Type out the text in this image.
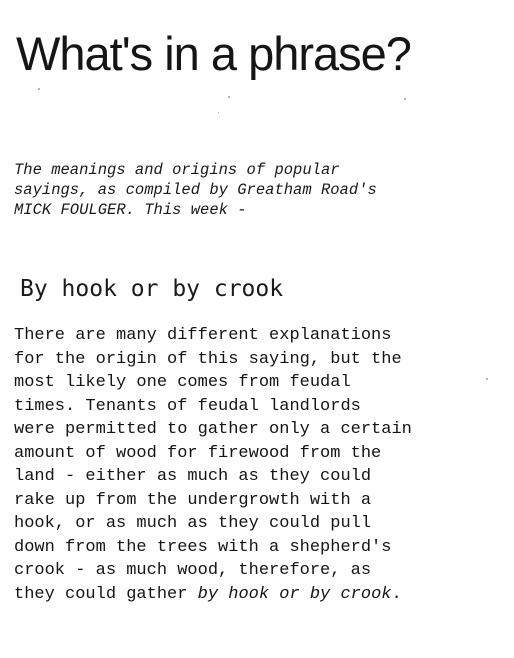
What's in a phrase?
The meanings and origins of popular
sayings, as compiled by Greatham Road's
MICK FOULGER. This week -
By hook or by crook
There are many different explanations
for the origin of this saying, but the
most likely one comes from feudal
times. Tenants of feudal landlords
were permitted to gather only a certain
amount of wood for firewood from the
land - either as much as they could
rake up from the undergrowth with a
hook, or as much as they could pull
down from the trees with a shepherd's
crook - as much wood, therefore, as
they could gather by hook or by crook.
